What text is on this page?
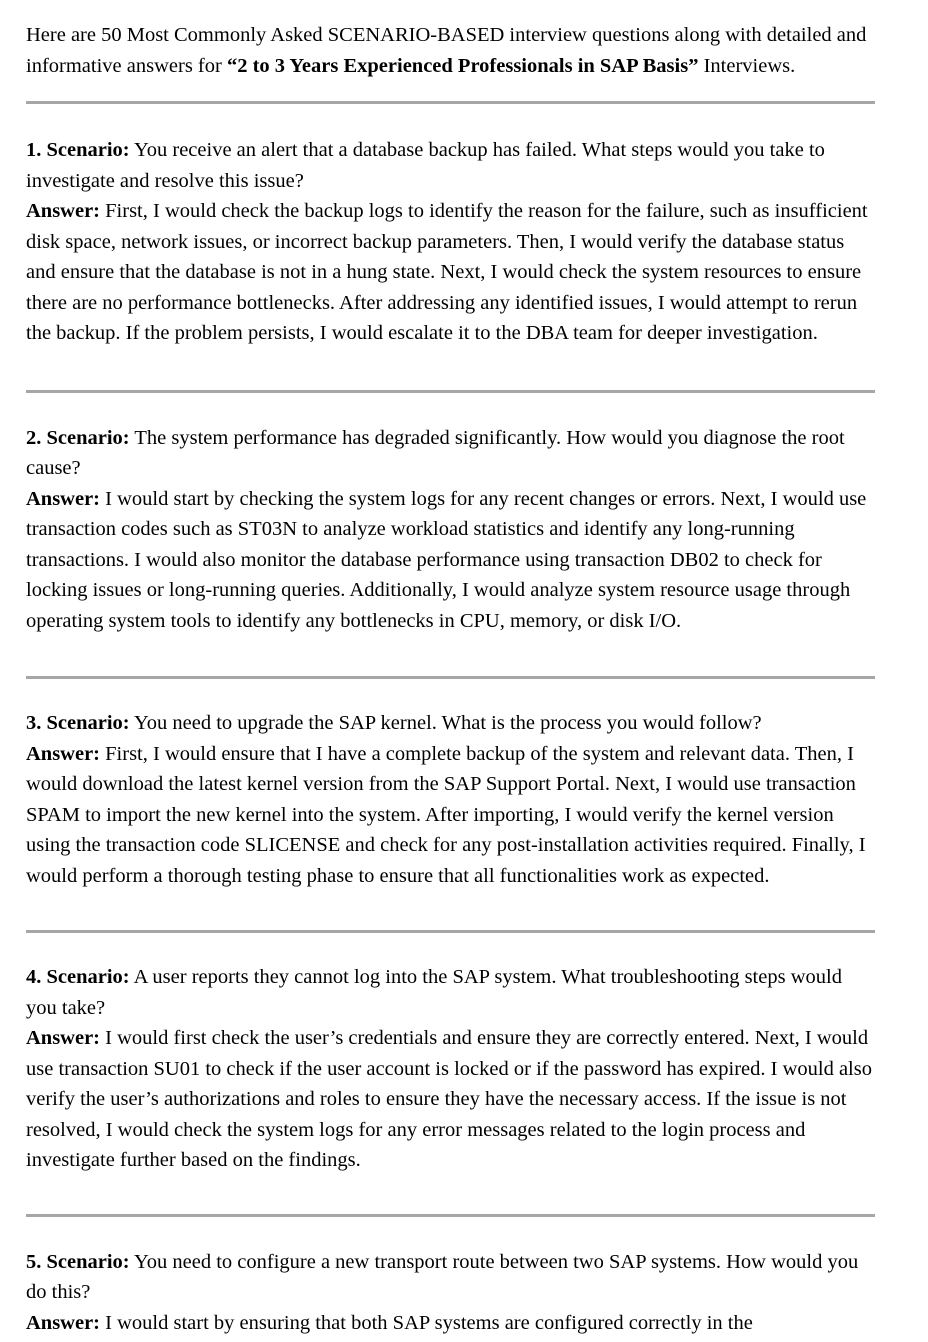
Here are 50 Most Commonly Asked SCENARIO-BASED interview questions along with detailed and informative answers for “2 to 3 Years Experienced Professionals in SAP Basis” Interviews.

1. Scenario: You receive an alert that a database backup has failed. What steps would you take to investigate and resolve this issue?
Answer: First, I would check the backup logs to identify the reason for the failure, such as insufficient disk space, network issues, or incorrect backup parameters. Then, I would verify the database status and ensure that the database is not in a hung state. Next, I would check the system resources to ensure there are no performance bottlenecks. After addressing any identified issues, I would attempt to rerun the backup. If the problem persists, I would escalate it to the DBA team for deeper investigation.

2. Scenario: The system performance has degraded significantly. How would you diagnose the root cause?
Answer: I would start by checking the system logs for any recent changes or errors. Next, I would use transaction codes such as ST03N to analyze workload statistics and identify any long-running transactions. I would also monitor the database performance using transaction DB02 to check for locking issues or long-running queries. Additionally, I would analyze system resource usage through operating system tools to identify any bottlenecks in CPU, memory, or disk I/O.

3. Scenario: You need to upgrade the SAP kernel. What is the process you would follow?
Answer: First, I would ensure that I have a complete backup of the system and relevant data. Then, I would download the latest kernel version from the SAP Support Portal. Next, I would use transaction SPAM to import the new kernel into the system. After importing, I would verify the kernel version using the transaction code SLICENSE and check for any post-installation activities required. Finally, I would perform a thorough testing phase to ensure that all functionalities work as expected.

4. Scenario: A user reports they cannot log into the SAP system. What troubleshooting steps would you take?
Answer: I would first check the user’s credentials and ensure they are correctly entered. Next, I would use transaction SU01 to check if the user account is locked or if the password has expired. I would also verify the user’s authorizations and roles to ensure they have the necessary access. If the issue is not resolved, I would check the system logs for any error messages related to the login process and investigate further based on the findings.

5. Scenario: You need to configure a new transport route between two SAP systems. How would you do this?
Answer: I would start by ensuring that both SAP systems are configured correctly in the
